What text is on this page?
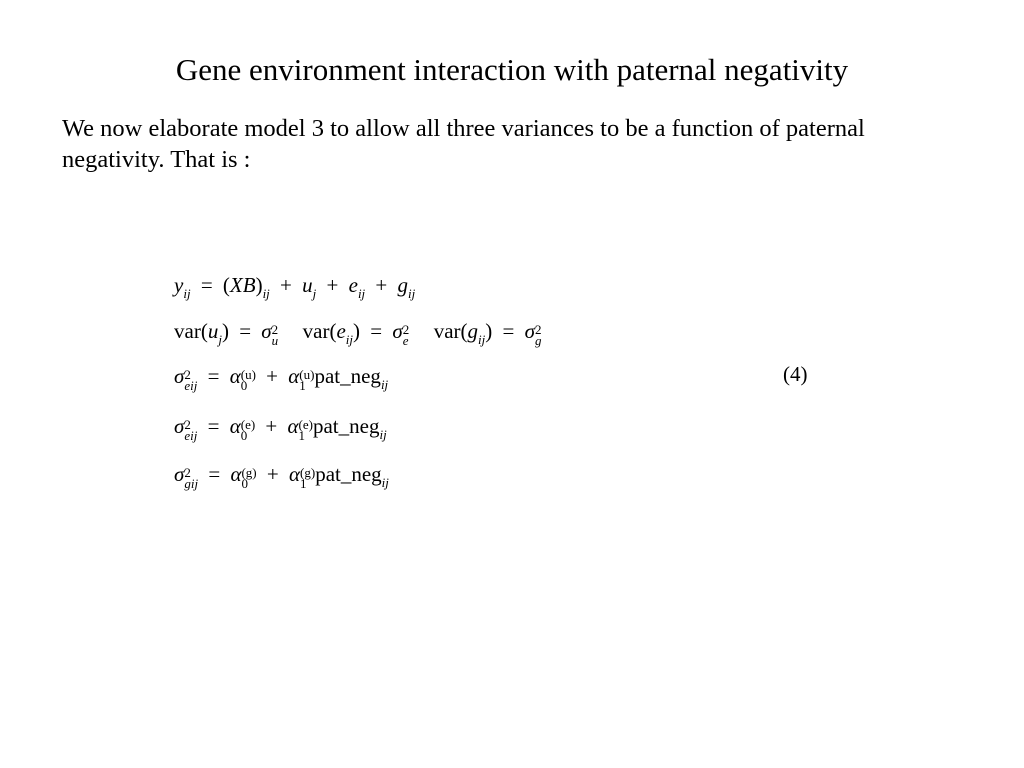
Gene environment interaction with paternal negativity
We now elaborate model 3 to allow all three variances to be a function of paternal negativity. That is :
$y_{ij} = (XB)_{ij} + u_j + e_{ij} + g_{ij}$
$var(u_j) = \sigma$ 2
u $var(e_{ij}) = \sigma$ 2
e $var(g_{ij}) = \sigma$ 2
g
σ 2
eij = α (u)
0 + α (u)
1 pat_neg$_{ij}$
σ 2
eij = α (e)
0 + α (e)
1 pat_neg$_{ij}$
σ 2
gij = α (g)
0 + α (g)
1 pat_neg$_{ij}$
(4)
